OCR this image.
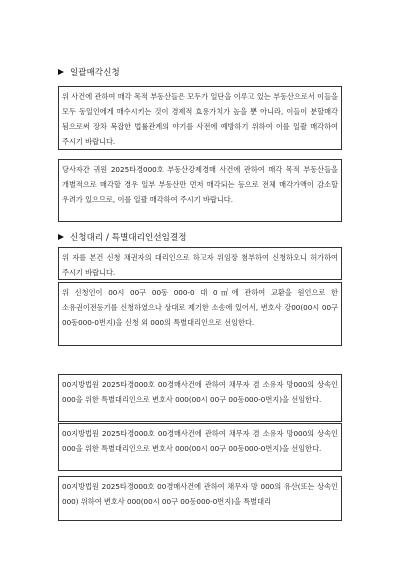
일괄매각신청

위 사건에 관하여 매각 목적 부동산들은 모두가 일단을 이루고 있는 부동산으로서 이들을 모두 동일인에게 매수시키는 것이 경제적 효용가치가 높을 뿐 아니라, 이들이 분할매각 됨으로써 장차 복잡한 법률관계의 야기를 사전에 예방하기 위하여 이를 일괄 매각하여 주시기 바랍니다.

당사자간 귀원 2025타경000호 부동산강제경매 사건에 관하여 매각 목적 부동산들을 개별적으로 매각할 경우 일부 부동산만 먼저 매각되는 등으로 전체 매각가액이 감소할 우려가 있으므로, 이를 일괄 매각하여 주시기 바랍니다.

신청대리 / 특별대리인선임결정

위 자를 본건 신청 채권자의 대리인으로 하고자 위임장 첨부하여 신청하오니 허가하여 주시기 바랍니다.

위 신청인이 00시 00구 00동 000-0 대 0㎡에 관하여 교환을 원인으로 한 소유권이전등기를 신청하였으나 상대로 제기한 소송에 있어서, 변호사 강00(00시 00구 00동000-0번지)을 신청 외 000의 특별대리인으로 선임한다.

00지방법원 2025타경000호 00경매사건에 관하여 채무자 겸 소유자 망000의 상속인 000을 위한 특별대리인으로 변호사 000(00시 00구 00동000-0번지)을 선임한다.

00지방법원 2025타경000호 00경매사건에 관하여 채무자 겸 소유자 망000의 상속인 000을 위한 특별대리인으로 변호사 000(00시 00구 00동000-0번지)을 선임한다.

00지방법원 2025타경000호 00경매사건에 관하여 채무자 망 000의 유산(또는 상속인 000) 위하여 변호사 000(00시 00구 00동000-0번지)을 특별대리
